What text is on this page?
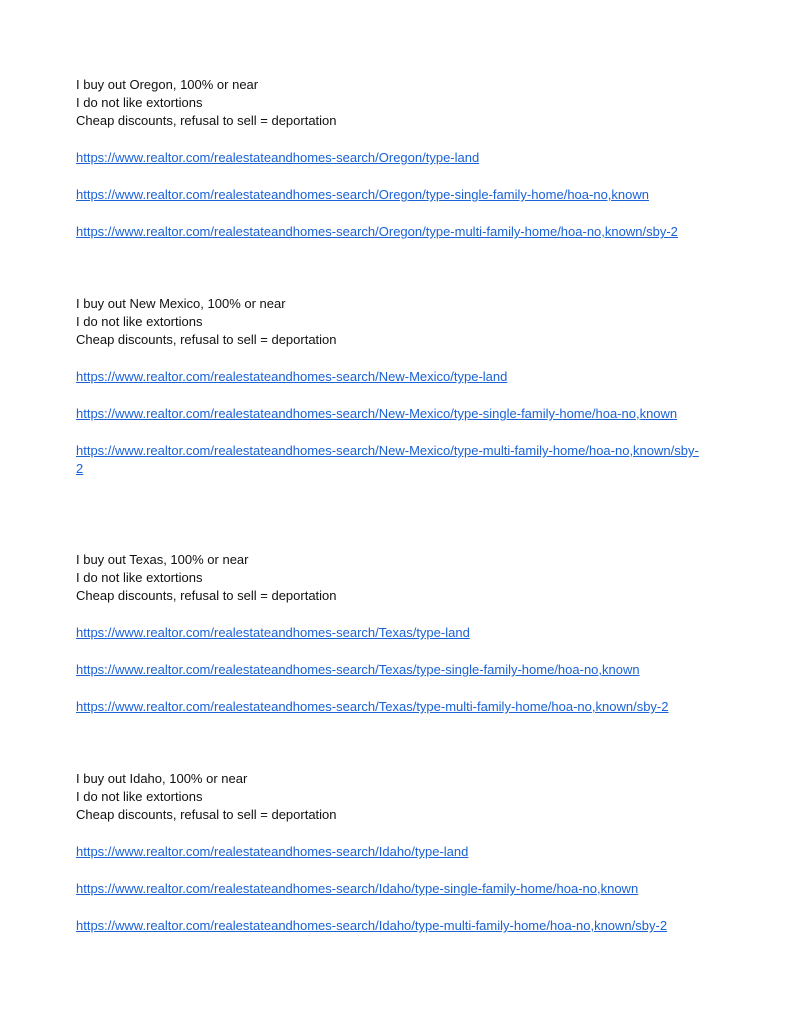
I buy out Oregon, 100% or near
I do not like extortions
Cheap discounts, refusal to sell = deportation
https://www.realtor.com/realestateandhomes-search/Oregon/type-land
https://www.realtor.com/realestateandhomes-search/Oregon/type-single-family-home/hoa-no,known
https://www.realtor.com/realestateandhomes-search/Oregon/type-multi-family-home/hoa-no,known/sby-2
I buy out New Mexico, 100% or near
I do not like extortions
Cheap discounts, refusal to sell = deportation
https://www.realtor.com/realestateandhomes-search/New-Mexico/type-land
https://www.realtor.com/realestateandhomes-search/New-Mexico/type-single-family-home/hoa-no,known
https://www.realtor.com/realestateandhomes-search/New-Mexico/type-multi-family-home/hoa-no,known/sby-2
I buy out Texas, 100% or near
I do not like extortions
Cheap discounts, refusal to sell = deportation
https://www.realtor.com/realestateandhomes-search/Texas/type-land
https://www.realtor.com/realestateandhomes-search/Texas/type-single-family-home/hoa-no,known
https://www.realtor.com/realestateandhomes-search/Texas/type-multi-family-home/hoa-no,known/sby-2
I buy out Idaho, 100% or near
I do not like extortions
Cheap discounts, refusal to sell = deportation
https://www.realtor.com/realestateandhomes-search/Idaho/type-land
https://www.realtor.com/realestateandhomes-search/Idaho/type-single-family-home/hoa-no,known
https://www.realtor.com/realestateandhomes-search/Idaho/type-multi-family-home/hoa-no,known/sby-2
